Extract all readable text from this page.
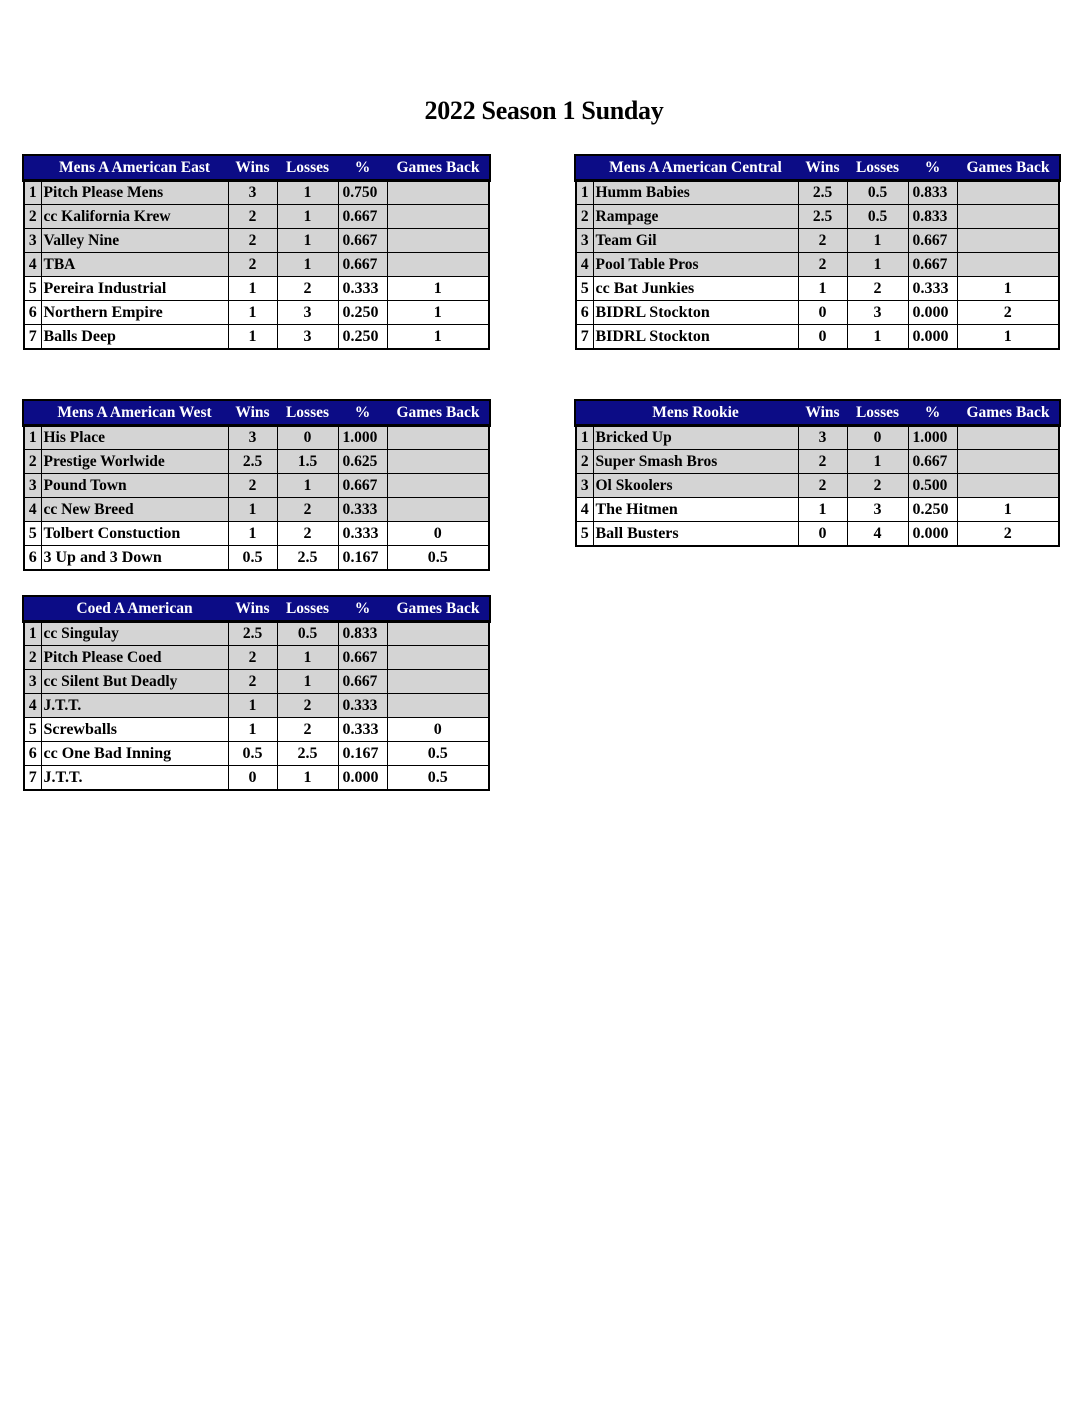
2022 Season 1 Sunday
	Mens A American East	Wins	Losses	%	Games Back
1	Pitch Please Mens	3	1	0.750	
2	cc Kalifornia Krew	2	1	0.667	
3	Valley Nine	2	1	0.667	
4	TBA	2	1	0.667	
5	Pereira Industrial	1	2	0.333	1
6	Northern Empire	1	3	0.250	1
7	Balls Deep	1	3	0.250	1
	Mens A American Central	Wins	Losses	%	Games Back
1	Humm Babies	2.5	0.5	0.833	
2	Rampage	2.5	0.5	0.833	
3	Team Gil	2	1	0.667	
4	Pool Table Pros	2	1	0.667	
5	cc Bat Junkies	1	2	0.333	1
6	BIDRL Stockton	0	3	0.000	2
7	BIDRL Stockton	0	1	0.000	1
	Mens A American West	Wins	Losses	%	Games Back
1	His Place	3	0	1.000	
2	Prestige Worlwide	2.5	1.5	0.625	
3	Pound Town	2	1	0.667	
4	cc New Breed	1	2	0.333	
5	Tolbert Constuction	1	2	0.333	0
6	3 Up and 3 Down	0.5	2.5	0.167	0.5
	Mens Rookie	Wins	Losses	%	Games Back
1	Bricked Up	3	0	1.000	
2	Super Smash Bros	2	1	0.667	
3	Ol Skoolers	2	2	0.500	
4	The Hitmen	1	3	0.250	1
5	Ball Busters	0	4	0.000	2
	Coed A American	Wins	Losses	%	Games Back
1	cc Singulay	2.5	0.5	0.833	
2	Pitch Please Coed	2	1	0.667	
3	cc Silent But Deadly	2	1	0.667	
4	J.T.T.	1	2	0.333	
5	Screwballs	1	2	0.333	0
6	cc One Bad Inning	0.5	2.5	0.167	0.5
7	J.T.T.	0	1	0.000	0.5
